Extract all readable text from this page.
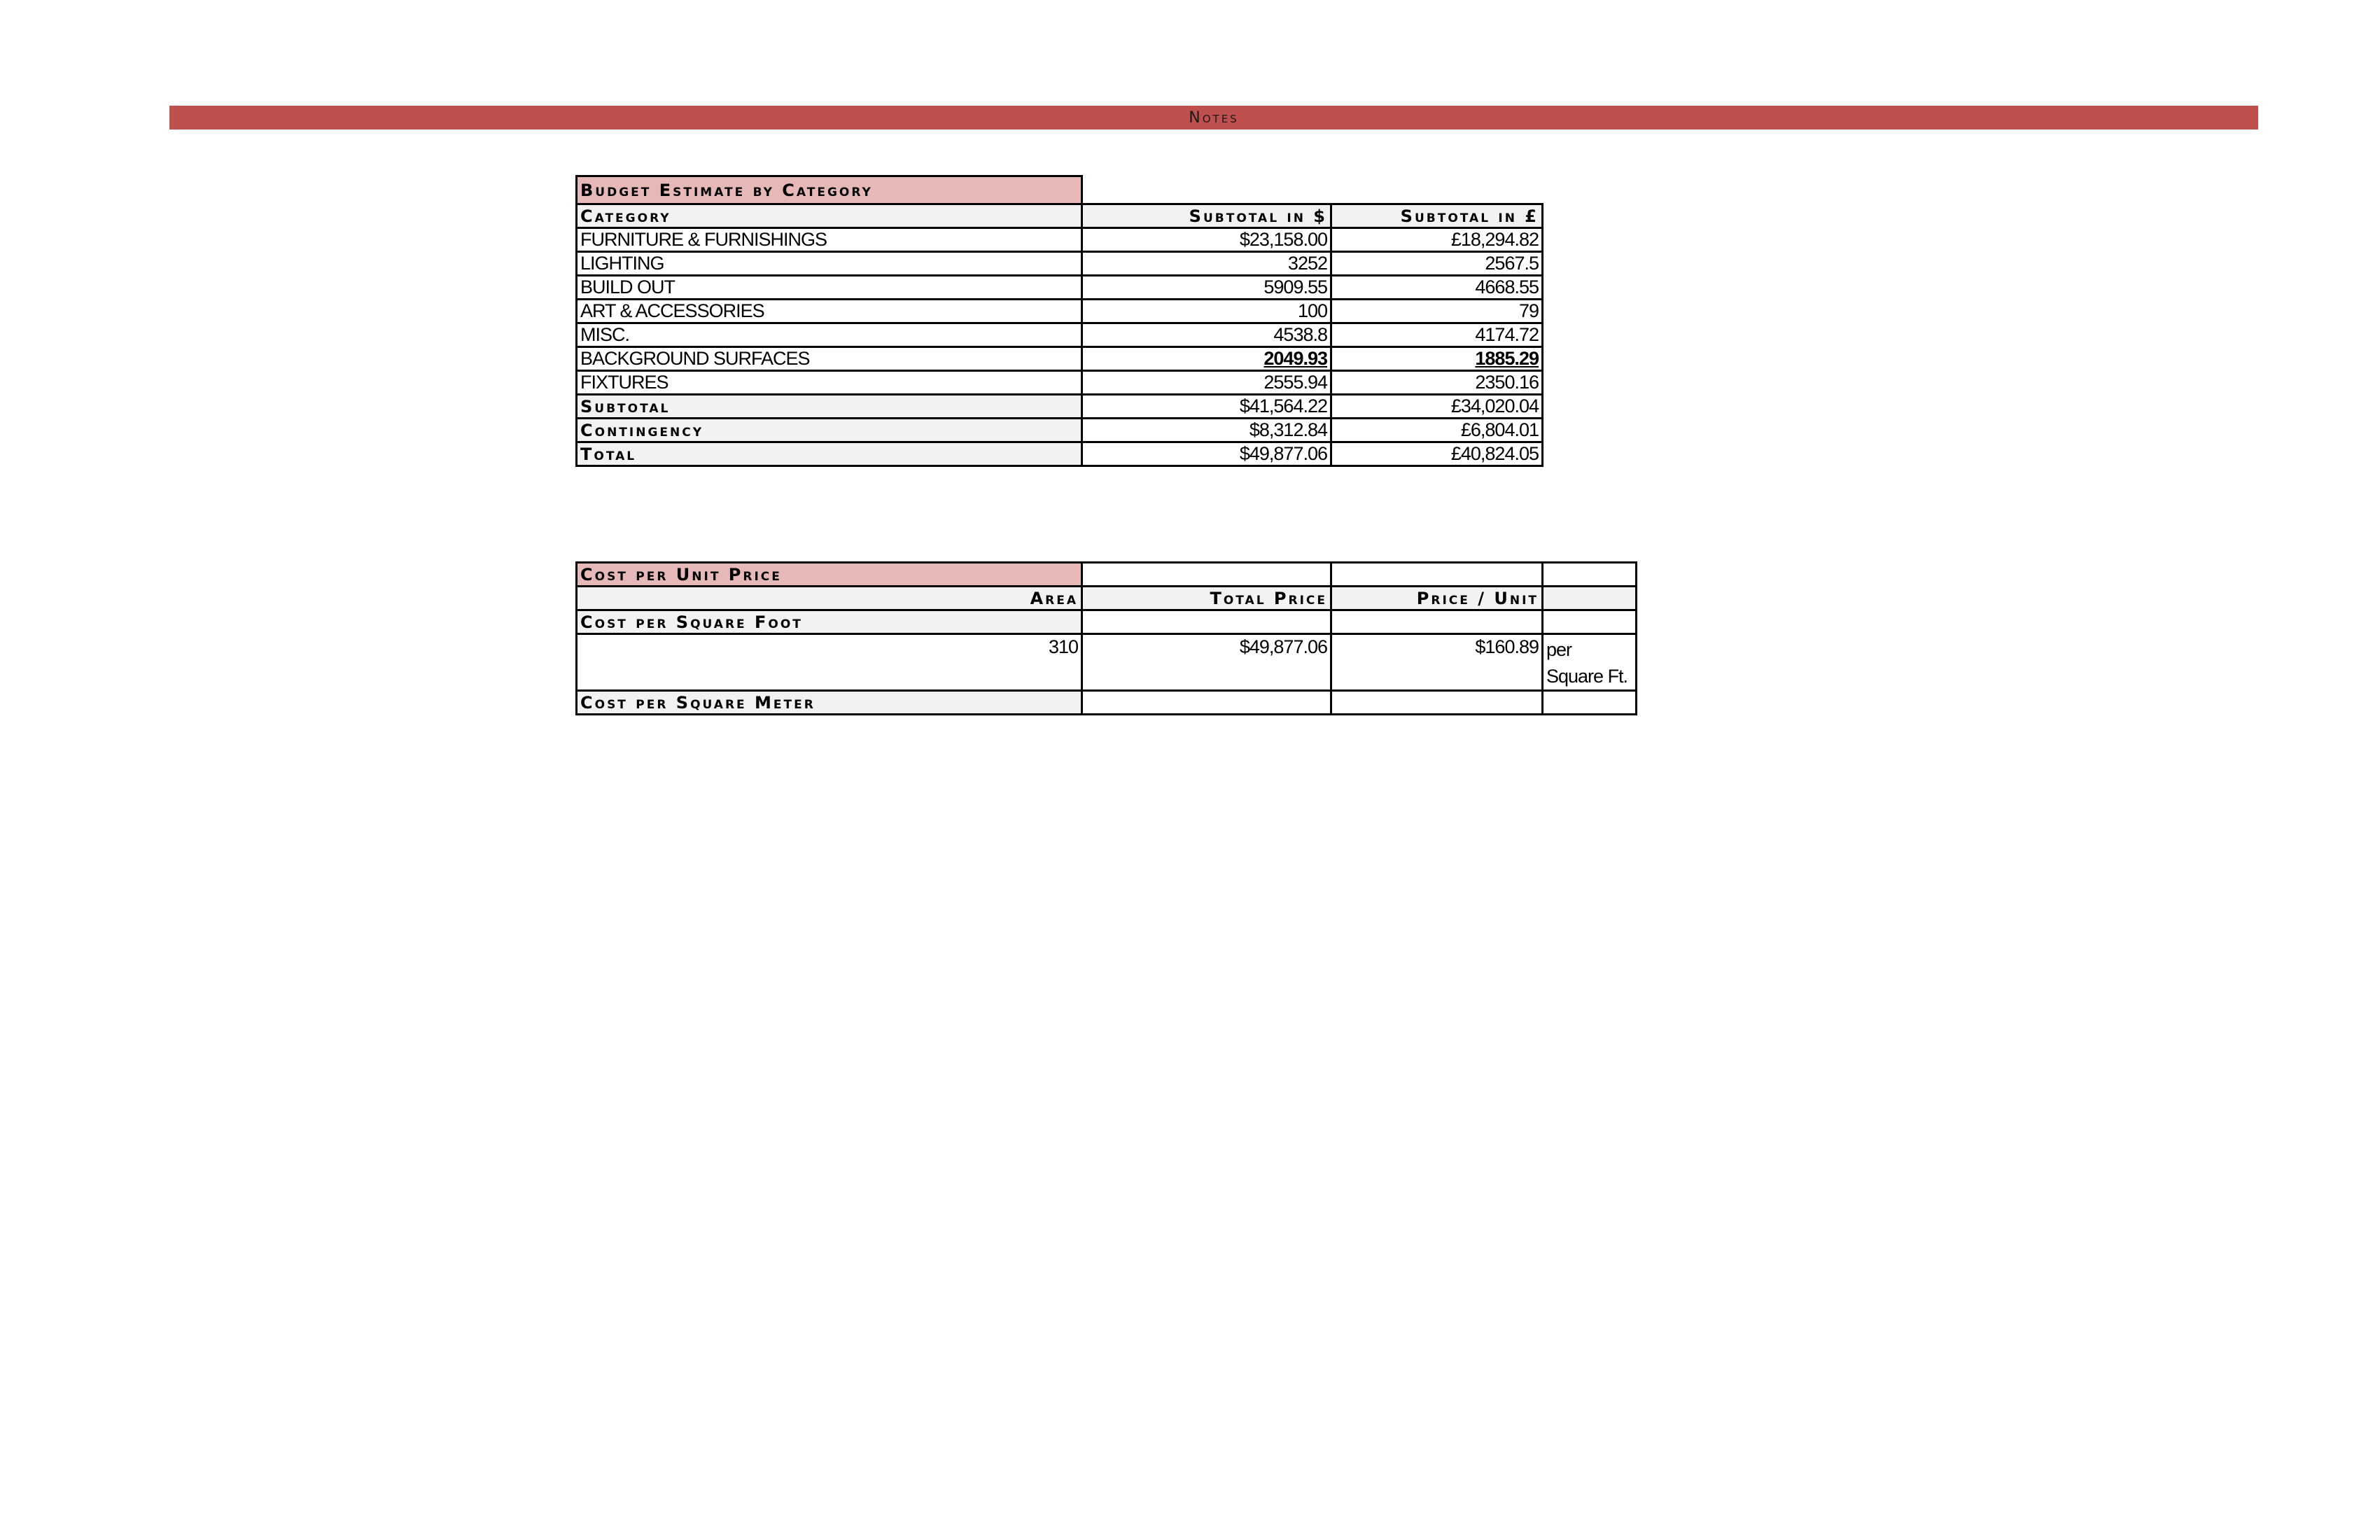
Notes
Budget Estimate by Category		
Category	Subtotal in $	Subtotal in £
FURNITURE & FURNISHINGS	$23,158.00	£18,294.82
LIGHTING	3252	2567.5
BUILD OUT	5909.55	4668.55
ART & ACCESSORIES	100	79
MISC.	4538.8	4174.72
BACKGROUND SURFACES	2049.93	1885.29
FIXTURES	2555.94	2350.16
Subtotal	$41,564.22	£34,020.04
Contingency	$8,312.84	£6,804.01
Total	$49,877.06	£40,824.05
Cost per Unit Price			
Area	Total Price	Price / Unit	
Cost per Square Foot			
310	$49,877.06	$160.89	per
Square Ft.
Cost per Square Meter			
